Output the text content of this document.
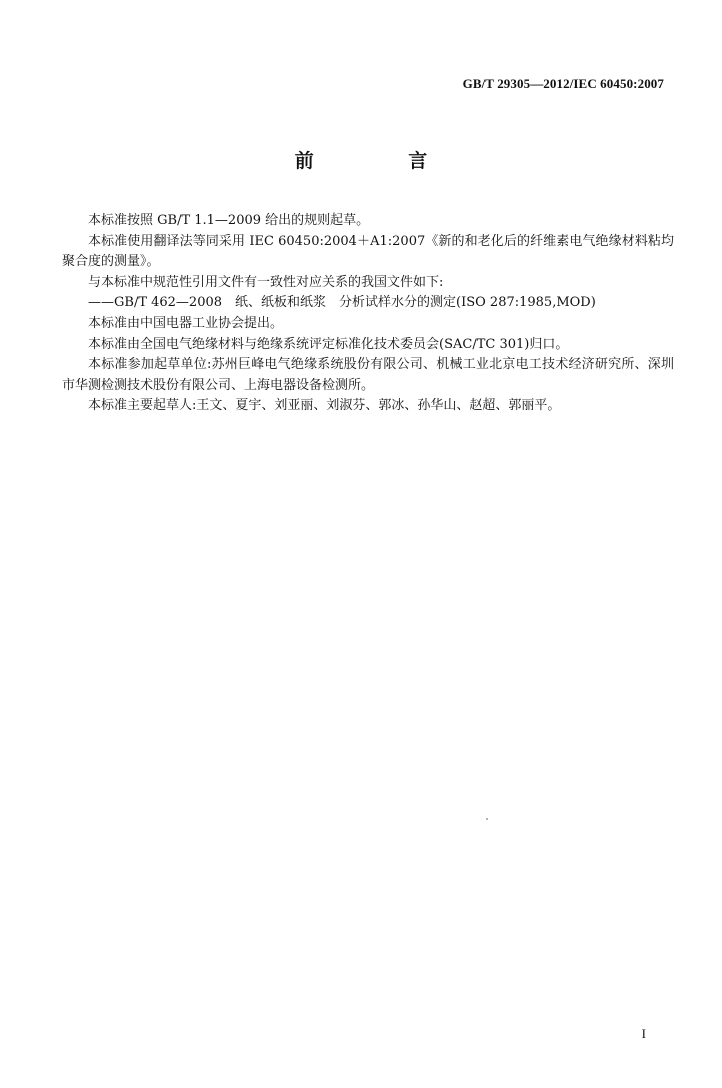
GB/T 29305—2012/IEC 60450:2007
前 言

本标准按照 GB/T 1.1—2009 给出的规则起草。

本标准使用翻译法等同采用 IEC 60450:2004＋A1:2007《新的和老化后的纤维素电气绝缘材料粘均聚合度的测量》。

与本标准中规范性引用文件有一致性对应关系的我国文件如下:

——GB/T 462—2008　纸、纸板和纸浆　分析试样水分的测定(ISO 287:1985,MOD)

本标准由中国电器工业协会提出。

本标准由全国电气绝缘材料与绝缘系统评定标准化技术委员会(SAC/TC 301)归口。

本标准参加起草单位:苏州巨峰电气绝缘系统股份有限公司、机械工业北京电工技术经济研究所、深圳市华测检测技术股份有限公司、上海电器设备检测所。

本标准主要起草人:王文、夏宇、刘亚丽、刘淑芬、郭冰、孙华山、赵超、郭丽平。

I
